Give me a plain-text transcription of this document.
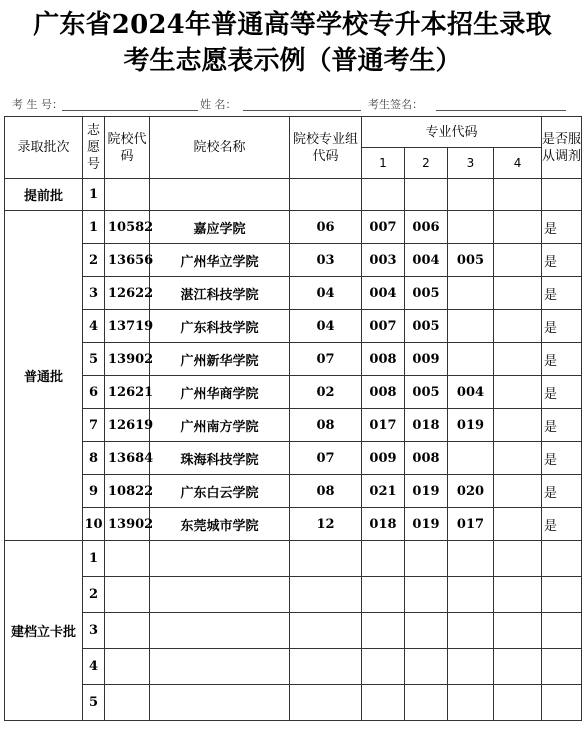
广东省2024年普通高等学校专升本招生录取
考生志愿表示例（普通考生）
考 生 号：	姓 名：	考生签名：
录取批次	志愿号	院校代码	院校名称	院校专业组代码	专业代码				是否服从调剂
					1	2	3	4	
提前批	1								
普通批	1	10582	嘉应学院	06	007	006			是
	2	13656	广州华立学院	03	003	004	005		是
	3	12622	湛江科技学院	04	004	005			是
	4	13719	广东科技学院	04	007	005			是
	5	13902	广州新华学院	07	008	009			是
	6	12621	广州华商学院	02	008	005	004		是
	7	12619	广州南方学院	08	017	018	019		是
	8	13684	珠海科技学院	07	009	008			是
	9	10822	广东白云学院	08	021	019	020		是
	10	13902	东莞城市学院	12	018	019	017		是
建档立卡批	1								
	2								
	3								
	4								
	5								
